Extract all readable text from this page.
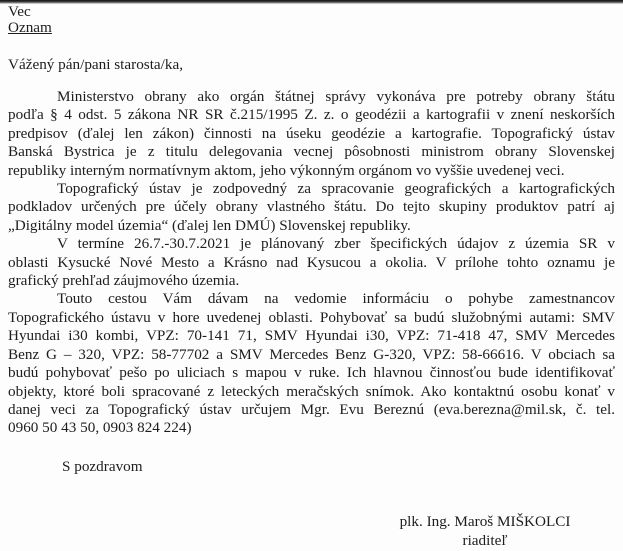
Vec
Oznam
Vážený pán/pani starosta/ka,
Ministerstvo obrany ako orgán štátnej správy vykonáva pre potreby obrany štátu
podľa § 4 odst. 5 zákona NR SR č.215/1995 Z. z. o geodézii a kartografii v znení neskorších
predpisov (ďalej len zákon) činnosti na úseku geodézie a kartografie. Topografický ústav
Banská Bystrica je z titulu delegovania vecnej pôsobnosti ministrom obrany Slovenskej
republiky interným normatívnym aktom, jeho výkonným orgánom vo vyššie uvedenej veci.
Topografický ústav je zodpovedný za spracovanie geografických a kartografických
podkladov určených pre účely obrany vlastného štátu. Do tejto skupiny produktov patrí aj
„Digitálny model územia“ (ďalej len DMÚ) Slovenskej republiky.
V termíne 26.7.-30.7.2021 je plánovaný zber špecifických údajov z územia SR v
oblasti Kysucké Nové Mesto a Krásno nad Kysucou a okolia. V prílohe tohto oznamu je
grafický prehľad záujmového územia.
Touto cestou Vám dávam na vedomie informáciu o pohybe zamestnancov
Topografického ústavu v hore uvedenej oblasti. Pohybovať sa budú služobnými autami: SMV
Hyundai i30 kombi, VPZ: 70-141 71, SMV Hyundai i30, VPZ: 71-418 47, SMV Mercedes
Benz G – 320, VPZ: 58-77702 a SMV Mercedes Benz G-320, VPZ: 58-66616. V obciach sa
budú pohybovať pešo po uliciach s mapou v ruke. Ich hlavnou činnosťou bude identifikovať
objekty, ktoré boli spracované z leteckých meračských snímok. Ako kontaktnú osobu konať v
danej veci za Topografický ústav určujem Mgr. Evu Bereznú (eva.berezna@mil.sk, č. tel.
0960 50 43 50, 0903 824 224)
S pozdravom
plk. Ing. Maroš MIŠKOLCI
riaditeľ
